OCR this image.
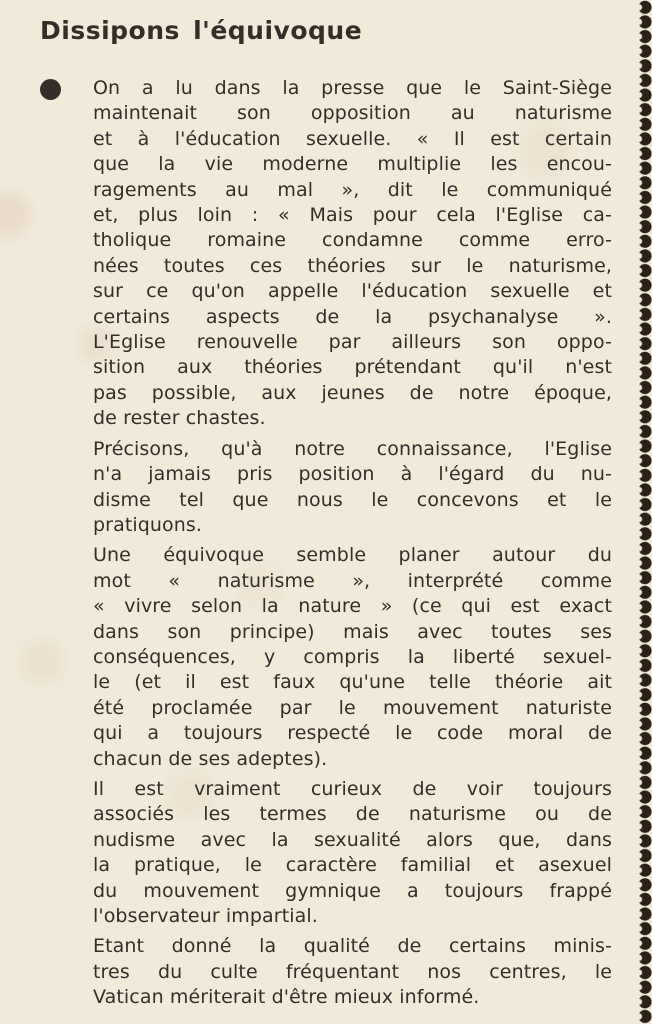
Dissipons l'équivoque
On a lu dans la presse que le Saint-Siège
maintenait son opposition au naturisme
et à l'éducation sexuelle. « Il est certain
que la vie moderne multiplie les encou-
ragements au mal », dit le communiqué
et, plus loin : « Mais pour cela l'Eglise ca-
tholique romaine condamne comme erro-
nées toutes ces théories sur le naturisme,
sur ce qu'on appelle l'éducation sexuelle et
certains aspects de la psychanalyse ».
L'Eglise renouvelle par ailleurs son oppo-
sition aux théories prétendant qu'il n'est
pas possible, aux jeunes de notre époque,
de rester chastes.
Précisons, qu'à notre connaissance, l'Eglise
n'a jamais pris position à l'égard du nu-
disme tel que nous le concevons et le
pratiquons.
Une équivoque semble planer autour du
mot « naturisme », interprété comme
« vivre selon la nature » (ce qui est exact
dans son principe) mais avec toutes ses
conséquences, y compris la liberté sexuel-
le (et il est faux qu'une telle théorie ait
été proclamée par le mouvement naturiste
qui a toujours respecté le code moral de
chacun de ses adeptes).
Il est vraiment curieux de voir toujours
associés les termes de naturisme ou de
nudisme avec la sexualité alors que, dans
la pratique, le caractère familial et asexuel
du mouvement gymnique a toujours frappé
l'observateur impartial.
Etant donné la qualité de certains minis-
tres du culte fréquentant nos centres, le
Vatican mériterait d'être mieux informé.
